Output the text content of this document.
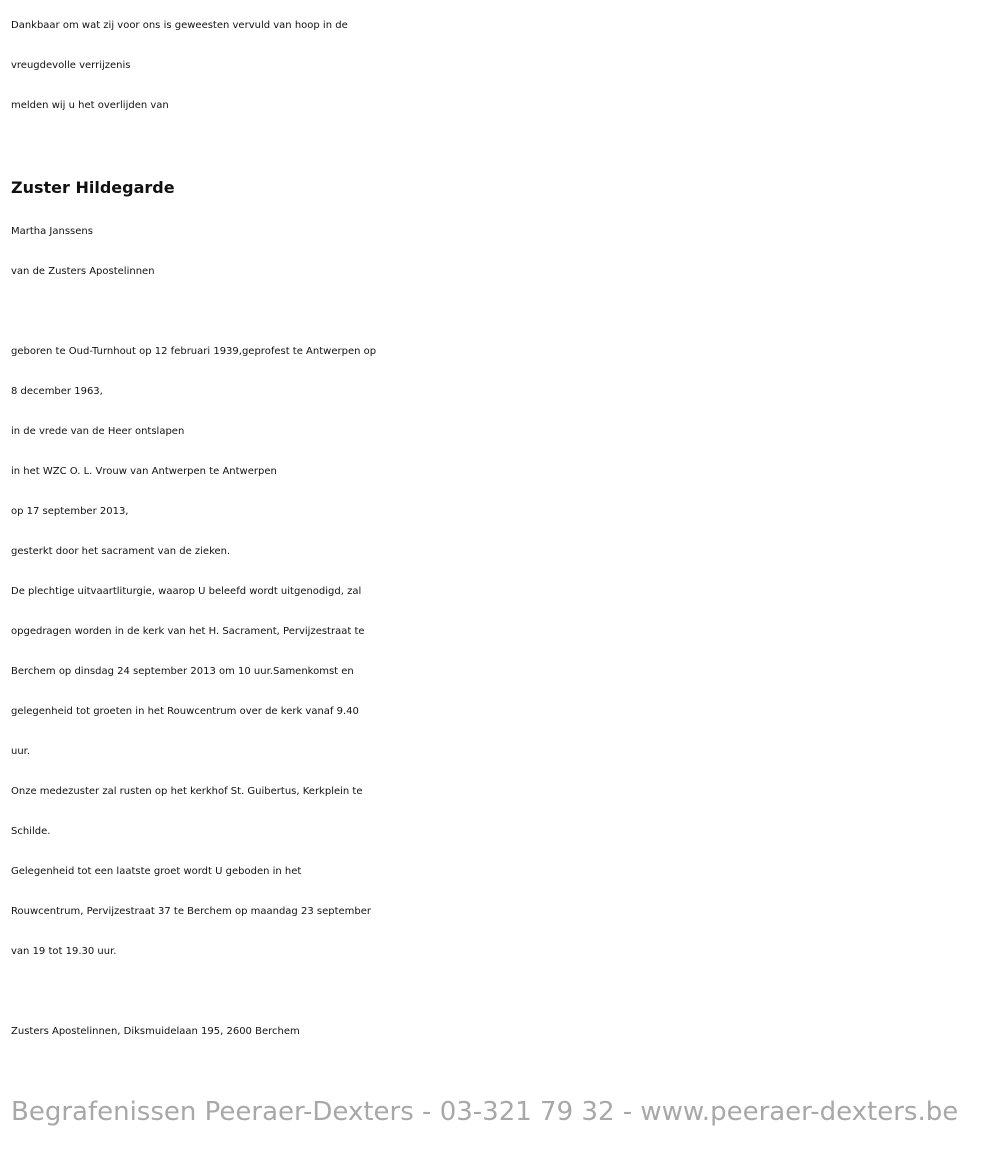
Dankbaar om wat zij voor ons is geweesten vervuld van hoop in de

vreugdevolle verrijzenis

melden wij u het overlijden van

Zuster Hildegarde

Martha Janssens

van de Zusters Apostelinnen

geboren te Oud-Turnhout op 12 februari 1939,geprofest te Antwerpen op

8 december 1963,

in de vrede van de Heer ontslapen

in het WZC O. L. Vrouw van Antwerpen te Antwerpen

op 17 september 2013,

gesterkt door het sacrament van de zieken.

De plechtige uitvaartliturgie, waarop U beleefd wordt uitgenodigd, zal

opgedragen worden in de kerk van het H. Sacrament, Pervijzestraat te

Berchem op dinsdag 24 september 2013 om 10 uur.Samenkomst en

gelegenheid tot groeten in het Rouwcentrum over de kerk vanaf 9.40

uur.

Onze medezuster zal rusten op het kerkhof St. Guibertus, Kerkplein te

Schilde.

Gelegenheid tot een laatste groet wordt U geboden in het

Rouwcentrum, Pervijzestraat 37 te Berchem op maandag 23 september

van 19 tot 19.30 uur.

Zusters Apostelinnen, Diksmuidelaan 195, 2600 Berchem

Begrafenissen Peeraer-Dexters - 03-321 79 32 - www.peeraer-dexters.be
